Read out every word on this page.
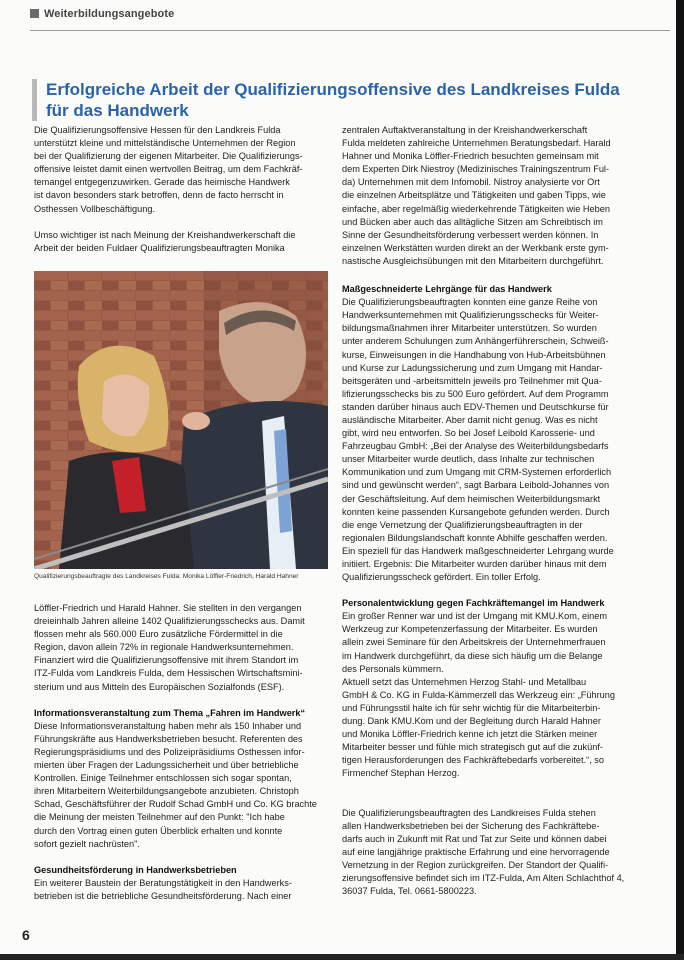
Weiterbildungsangebote
Erfolgreiche Arbeit der Qualifizierungsoffensive des Landkreises Fulda
für das Handwerk
Die Qualifizierungsoffensive Hessen für den Landkreis Fulda
unterstützt kleine und mittelständische Unternehmen der Region
bei der Qualifizierung der eigenen Mitarbeiter. Die Qualifizierungs-
offensive leistet damit einen wertvollen Beitrag, um dem Fachkräf-
temangel entgegenzuwirken. Gerade das heimische Handwerk
ist davon besonders stark betroffen, denn de facto herrscht in
Osthessen Vollbeschäftigung.
Umso wichtiger ist nach Meinung der Kreishandwerkerschaft die
Arbeit der beiden Fuldaer Qualifizierungsbeauftragten Monika
Qualifizierungsbeauftragte des Landkreises Fulda: Monika Löffler-Friedrich, Harald Hahner
Löffler-Friedrich und Harald Hahner. Sie stellten in den vergangen
dreieinhalb Jahren alleine 1402 Qualifizierungsschecks aus. Damit
flossen mehr als 560.000 Euro zusätzliche Fördermittel in die
Region, davon allein 72% in regionale Handwerksunternehmen.
Finanziert wird die Qualifizierungsoffensive mit ihrem Standort im
ITZ-Fulda vom Landkreis Fulda, dem Hessischen Wirtschaftsmini-
sterium und aus Mitteln des Europäischen Sozialfonds (ESF).
Informationsveranstaltung zum Thema „Fahren im Handwerk“
Diese Informationsveranstaltung haben mehr als 150 Inhaber und
Führungskräfte aus Handwerksbetrieben besucht. Referenten des
Regierungspräsidiums und des Polizeipräsidiums Osthessen infor-
mierten über Fragen der Ladungssicherheit und über betriebliche
Kontrollen. Einige Teilnehmer entschlossen sich sogar spontan,
ihren Mitarbeitern Weiterbildungsangebote anzubieten. Christoph
Schad, Geschäftsführer der Rudolf Schad GmbH und Co. KG brachte
die Meinung der meisten Teilnehmer auf den Punkt: "Ich habe
durch den Vortrag einen guten Überblick erhalten und konnte
sofort gezielt nachrüsten".
Gesundheitsförderung in Handwerksbetrieben
Ein weiterer Baustein der Beratungstätigkeit in den Handwerks-
betrieben ist die betriebliche Gesundheitsförderung. Nach einer
zentralen Auftaktveranstaltung in der Kreishandwerkerschaft
Fulda meldeten zahlreiche Unternehmen Beratungsbedarf. Harald
Hahner und Monika Löffler-Friedrich besuchten gemeinsam mit
dem Experten Dirk Niestroy (Medizinisches Trainingszentrum Ful-
da) Unternehmen mit dem Infomobil. Nistroy analysierte vor Ort
die einzelnen Arbeitsplätze und Tätigkeiten und gaben Tipps, wie
einfache, aber regelmäßig wiederkehrende Tätigkeiten wie Heben
und Bücken aber auch das alltägliche Sitzen am Schreibtisch im
Sinne der Gesundheitsförderung verbessert werden können. In
einzelnen Werkstätten wurden direkt an der Werkbank erste gym-
nastische Ausgleichsübungen mit den Mitarbeitern durchgeführt.
Maßgeschneiderte Lehrgänge für das Handwerk
Die Qualifizierungsbeauftragten konnten eine ganze Reihe von
Handwerksunternehmen mit Qualifizierungsschecks für Weiter-
bildungsmaßnahmen ihrer Mitarbeiter unterstützen. So wurden
unter anderem Schulungen zum Anhängerführerschein, Schweiß-
kurse, Einweisungen in die Handhabung von Hub-Arbeitsbühnen
und Kurse zur Ladungssicherung und zum Umgang mit Handar-
beitsgeräten und -arbeitsmitteln jeweils pro Teilnehmer mit Qua-
lifizierungsschecks bis zu 500 Euro gefördert. Auf dem Programm
standen darüber hinaus auch EDV-Themen und Deutschkurse für
ausländische Mitarbeiter. Aber damit nicht genug. Was es nicht
gibt, wird neu entworfen. So bei Josef Leibold Karosserie- und
Fahrzeugbau GmbH: „Bei der Analyse des Weiterbildungsbedarfs
unser Mitarbeiter wurde deutlich, dass Inhalte zur technischen
Kommunikation und zum Umgang mit CRM-Systemen erforderlich
sind und gewünscht werden“, sagt Barbara Leibold-Johannes von
der Geschäftsleitung. Auf dem heimischen Weiterbildungsmarkt
konnten keine passenden Kursangebote gefunden werden. Durch
die enge Vernetzung der Qualifizierungsbeauftragten in der
regionalen Bildungslandschaft konnte Abhilfe geschaffen werden.
Ein speziell für das Handwerk maßgeschneiderter Lehrgang wurde
initiiert. Ergebnis: Die Mitarbeiter wurden darüber hinaus mit dem
Qualifizierungsscheck gefördert. Ein toller Erfolg.
Personalentwicklung gegen Fachkräftemangel im Handwerk
Ein großer Renner war und ist der Umgang mit KMU.Kom, einem
Werkzeug zur Kompetenzerfassung der Mitarbeiter. Es wurden
allein zwei Seminare für den Arbeitskreis der Unternehmerfrauen
im Handwerk durchgeführt, da diese sich häufig um die Belange
des Personals kümmern.
Aktuell setzt das Unternehmen Herzog Stahl- und Metallbau
GmbH & Co. KG in Fulda-Kämmerzell das Werkzeug ein: „Führung
und Führungsstil halte ich für sehr wichtig für die Mitarbeiterbin-
dung. Dank KMU.Kom und der Begleitung durch Harald Hahner
und Monika Löffler-Friedrich kenne ich jetzt die Stärken meiner
Mitarbeiter besser und fühle mich strategisch gut auf die zukünf-
tigen Herausforderungen des Fachkräftebedarfs vorbereitet.“, so
Firmenchef Stephan Herzog.
Die Qualifizierungsbeauftragten des Landkreises Fulda stehen
allen Handwerksbetrieben bei der Sicherung des Fachkräftebe-
darfs auch in Zukunft mit Rat und Tat zur Seite und können dabei
auf eine langjährige praktische Erfahrung und eine hervorragende
Vernetzung in der Region zurückgreifen. Der Standort der Qualifi-
zierungsoffensive befindet sich im ITZ-Fulda, Am Alten Schlachthof 4,
36037 Fulda, Tel. 0661-5800223.
6
